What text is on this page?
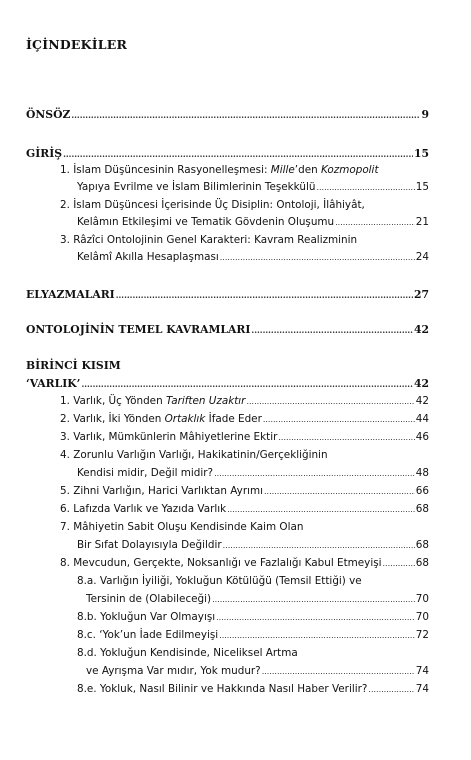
İÇİNDEKİLER
ÖNSÖZ .....	9
GİRİŞ .....	15
1. İslam Düşüncesinin Rasyonelleşmesi: Mille’den Kozmopolit
Yapıya Evrilme ve İslam Bilimlerinin Teşekkülü .....	15
2. İslam Düşüncesi İçerisinde Üç Disiplin: Ontoloji, İlâhiyât,
Kelâmın Etkileşimi ve Tematik Gövdenin Oluşumu .....	21
3. Râzîci Ontolojinin Genel Karakteri: Kavram Realizminin
Kelâmî Akılla Hesaplaşması .....	24
ELYAZMALARI .....	27
ONTOLOJİNİN TEMEL KAVRAMLARI .....	42
BİRİNCİ KISIM
‘VARLIK’ .....	42
1. Varlık, Üç Yönden Tariften Uzaktır .....	42
2. Varlık, İki Yönden Ortaklık İfade Eder .....	44
3. Varlık, Mümkünlerin Mâhiyetlerine Ektir .....	46
4. Zorunlu Varlığın Varlığı, Hakikatinin/Gerçekliğinin
Kendisi midir, Değil midir? .....	48
5. Zihni Varlığın, Harici Varlıktan Ayrımı .....	66
6. Lafızda Varlık ve Yazıda Varlık .....	68
7. Mâhiyetin Sabit Oluşu Kendisinde Kaim Olan
Bir Sıfat Dolayısıyla Değildir .....	68
8. Mevcudun, Gerçekte, Noksanlığı ve Fazlalığı Kabul Etmeyişi .....	68
8.a. Varlığın İyiliği, Yokluğun Kötülüğü (Temsil Ettiği) ve
Tersinin de (Olabileceği) .....	70
8.b. Yokluğun Var Olmayışı .....	70
8.c. ‘Yok’un İade Edilmeyişi .....	72
8.d. Yokluğun Kendisinde, Niceliksel Artma
ve Ayrışma Var mıdır, Yok mudur? .....	74
8.e. Yokluk, Nasıl Bilinir ve Hakkında Nasıl Haber Verilir? .....	74
